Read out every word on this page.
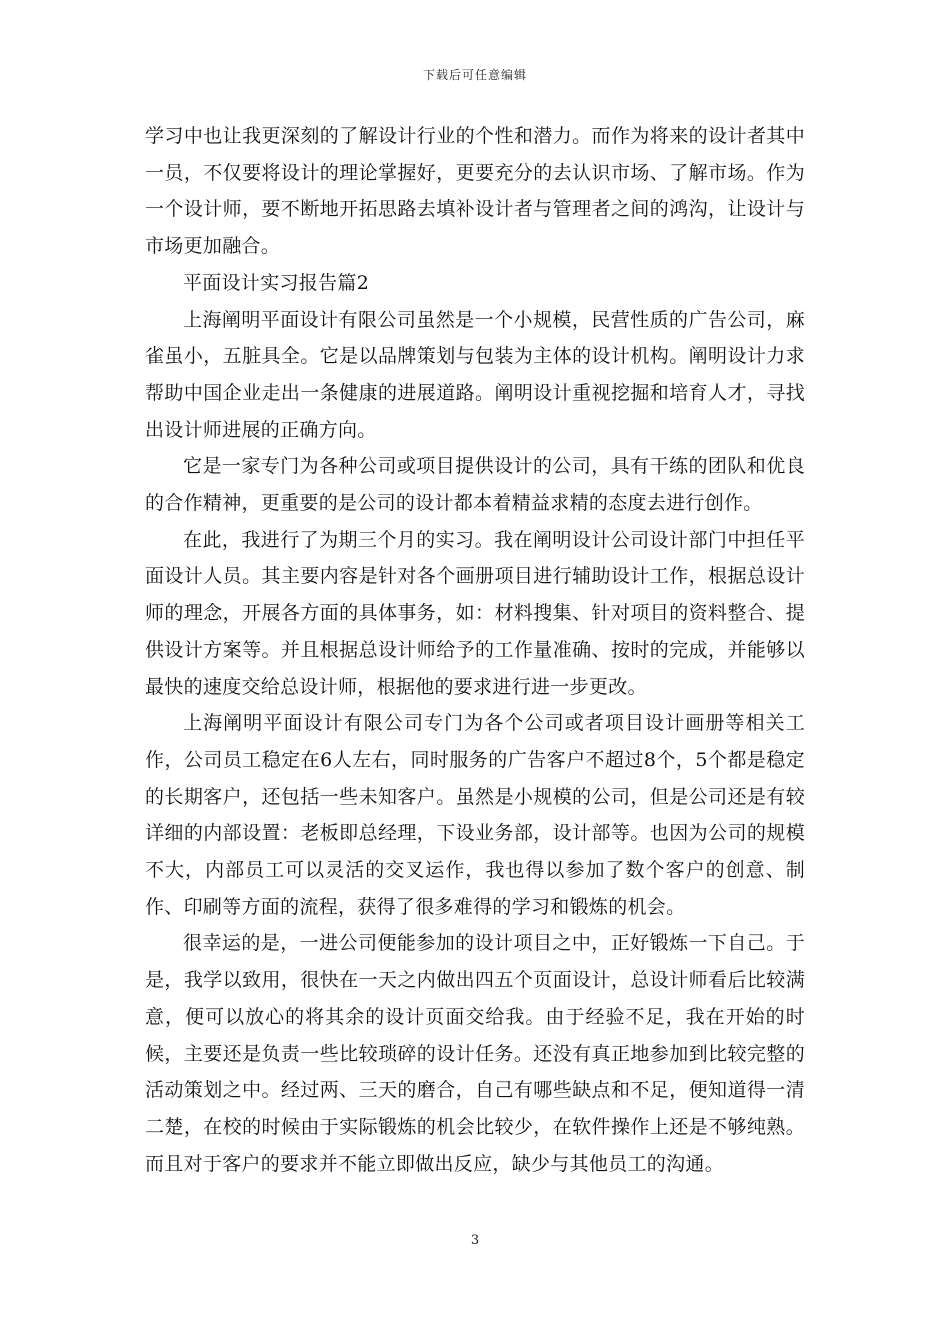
下载后可任意编辑

学习中也让我更深刻的了解设计行业的个性和潜力。而作为将来的设计者其中一员，不仅要将设计的理论掌握好，更要充分的去认识市场、了解市场。作为一个设计师，要不断地开拓思路去填补设计者与管理者之间的鸿沟，让设计与市场更加融合。

平面设计实习报告篇2

上海阐明平面设计有限公司虽然是一个小规模，民营性质的广告公司，麻雀虽小，五脏具全。它是以品牌策划与包装为主体的设计机构。阐明设计力求帮助中国企业走出一条健康的进展道路。阐明设计重视挖掘和培育人才，寻找出设计师进展的正确方向。

它是一家专门为各种公司或项目提供设计的公司，具有干练的团队和优良的合作精神，更重要的是公司的设计都本着精益求精的态度去进行创作。

在此，我进行了为期三个月的实习。我在阐明设计公司设计部门中担任平面设计人员。其主要内容是针对各个画册项目进行辅助设计工作，根据总设计师的理念，开展各方面的具体事务，如：材料搜集、针对项目的资料整合、提供设计方案等。并且根据总设计师给予的工作量准确、按时的完成，并能够以最快的速度交给总设计师，根据他的要求进行进一步更改。

上海阐明平面设计有限公司专门为各个公司或者项目设计画册等相关工作，公司员工稳定在6人左右，同时服务的广告客户不超过8个，5个都是稳定的长期客户，还包括一些未知客户。虽然是小规模的公司，但是公司还是有较详细的内部设置：老板即总经理，下设业务部，设计部等。也因为公司的规模不大，内部员工可以灵活的交叉运作，我也得以参加了数个客户的创意、制作、印刷等方面的流程，获得了很多难得的学习和锻炼的机会。

很幸运的是，一进公司便能参加的设计项目之中，正好锻炼一下自己。于是，我学以致用，很快在一天之内做出四五个页面设计，总设计师看后比较满意，便可以放心的将其余的设计页面交给我。由于经验不足，我在开始的时候，主要还是负责一些比较琐碎的设计任务。还没有真正地参加到比较完整的活动策划之中。经过两、三天的磨合，自己有哪些缺点和不足，便知道得一清二楚，在校的时候由于实际锻炼的机会比较少，在软件操作上还是不够纯熟。而且对于客户的要求并不能立即做出反应，缺少与其他员工的沟通。

3
